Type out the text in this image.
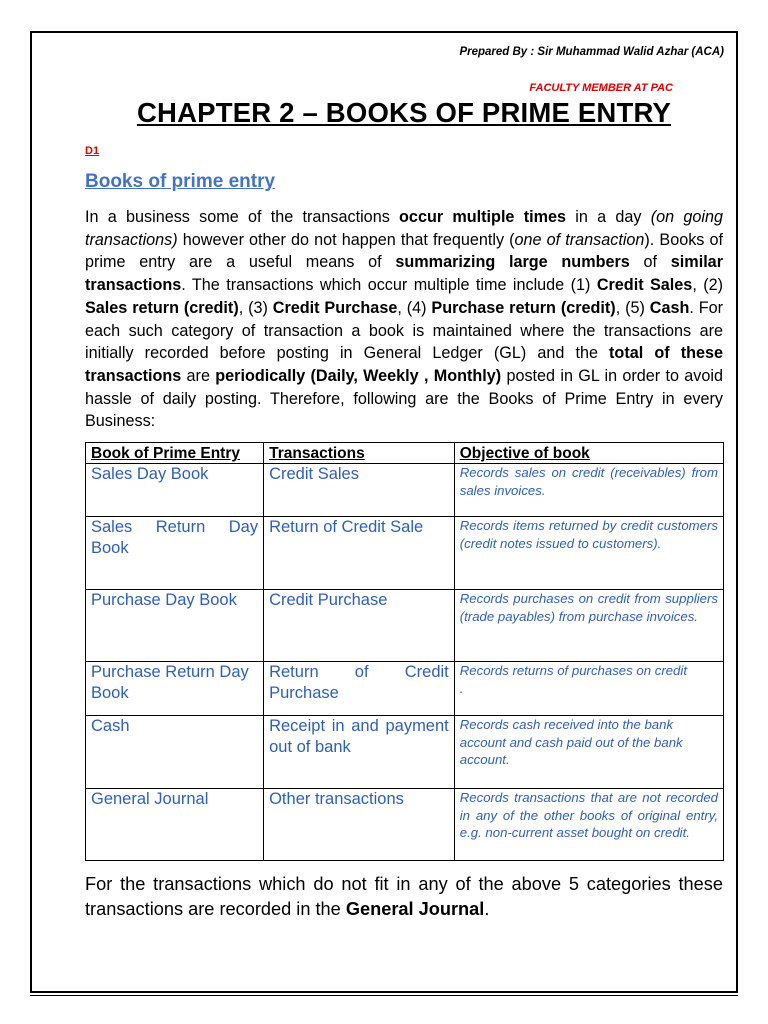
Prepared By : Sir Muhammad Walid Azhar (ACA)
FACULTY MEMBER AT PAC
CHAPTER 2 – BOOKS OF PRIME ENTRY
D1
Books of prime entry

In a business some of the transactions occur multiple times in a day (on going transactions) however other do not happen that frequently (one of transaction). Books of prime entry are a useful means of summarizing large numbers of similar transactions. The transactions which occur multiple time include (1) Credit Sales, (2) Sales return (credit), (3) Credit Purchase, (4) Purchase return (credit), (5) Cash. For each such category of transaction a book is maintained where the transactions are initially recorded before posting in General Ledger (GL) and the total of these transactions are periodically (Daily, Weekly , Monthly) posted in GL in order to avoid hassle of daily posting. Therefore, following are the Books of Prime Entry in every Business:

Book of Prime Entry	Transactions	Objective of book
Sales Day Book	Credit Sales	Records sales on credit (receivables) from sales invoices.
Sales Return Day Book	Return of Credit Sale	Records items returned by credit customers (credit notes issued to customers).
Purchase Day Book	Credit Purchase	Records purchases on credit from suppliers (trade payables) from purchase invoices.
Purchase Return Day Book	Return of Credit Purchase	Records returns of purchases on credit
.
Cash	Receipt in and payment out of bank	Records cash received into the bank account and cash paid out of the bank account.
General Journal	Other transactions	Records transactions that are not recorded in any of the other books of original entry, e.g. non-current asset bought on credit.

For the transactions which do not fit in any of the above 5 categories these transactions are recorded in the General Journal.
